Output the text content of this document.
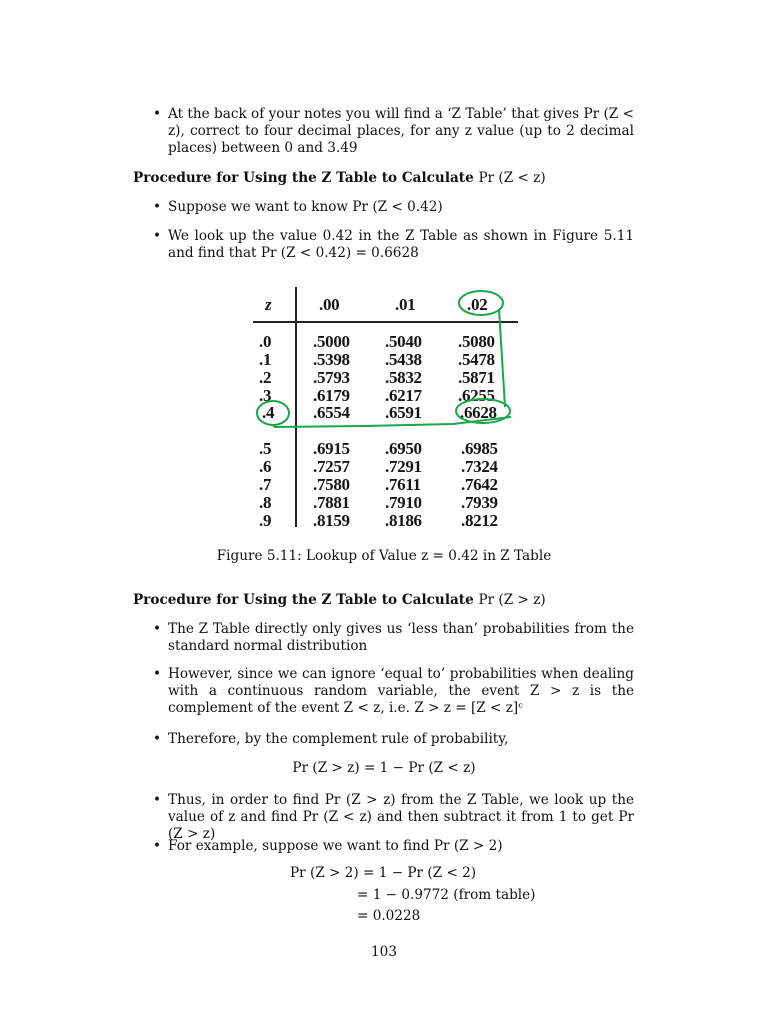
• At the back of your notes you will find a ‘Z Table’ that gives Pr (Z < z), correct to four decimal places, for any z value (up to 2 decimal places) between 0 and 3.49
Procedure for Using the Z Table to Calculate Pr (Z < z)
• Suppose we want to know Pr (Z < 0.42)
• We look up the value 0.42 in the Z Table as shown in Figure 5.11 and find that Pr (Z < 0.42) = 0.6628
z	.00	.01	.02
.0 .5000 .5040 .5080
.1 .5398 .5438 .5478
.2 .5793 .5832 .5871
.3 .6179 .6217 .6255
.4 .6554 .6591 .6628
.5 .6915 .6950 .6985
.6 .7257 .7291 .7324
.7 .7580 .7611 .7642
.8 .7881 .7910 .7939
.9 .8159 .8186 .8212
Figure 5.11: Lookup of Value z = 0.42 in Z Table
Procedure for Using the Z Table to Calculate Pr (Z > z)
• The Z Table directly only gives us ‘less than’ probabilities from the standard normal distribution
• However, since we can ignore ‘equal to’ probabilities when dealing with a continuous random variable, the event Z > z is the complement of the event Z < z, i.e. Z > z = [Z < z]ᶜ
• Therefore, by the complement rule of probability,
Pr (Z > z) = 1 − Pr (Z < z)
• Thus, in order to find Pr (Z > z) from the Z Table, we look up the value of z and find Pr (Z < z) and then subtract it from 1 to get Pr (Z > z)
• For example, suppose we want to find Pr (Z > 2)
Pr (Z > 2) = 1 − Pr (Z < 2)
= 1 − 0.9772 (from table)
= 0.0228
103
